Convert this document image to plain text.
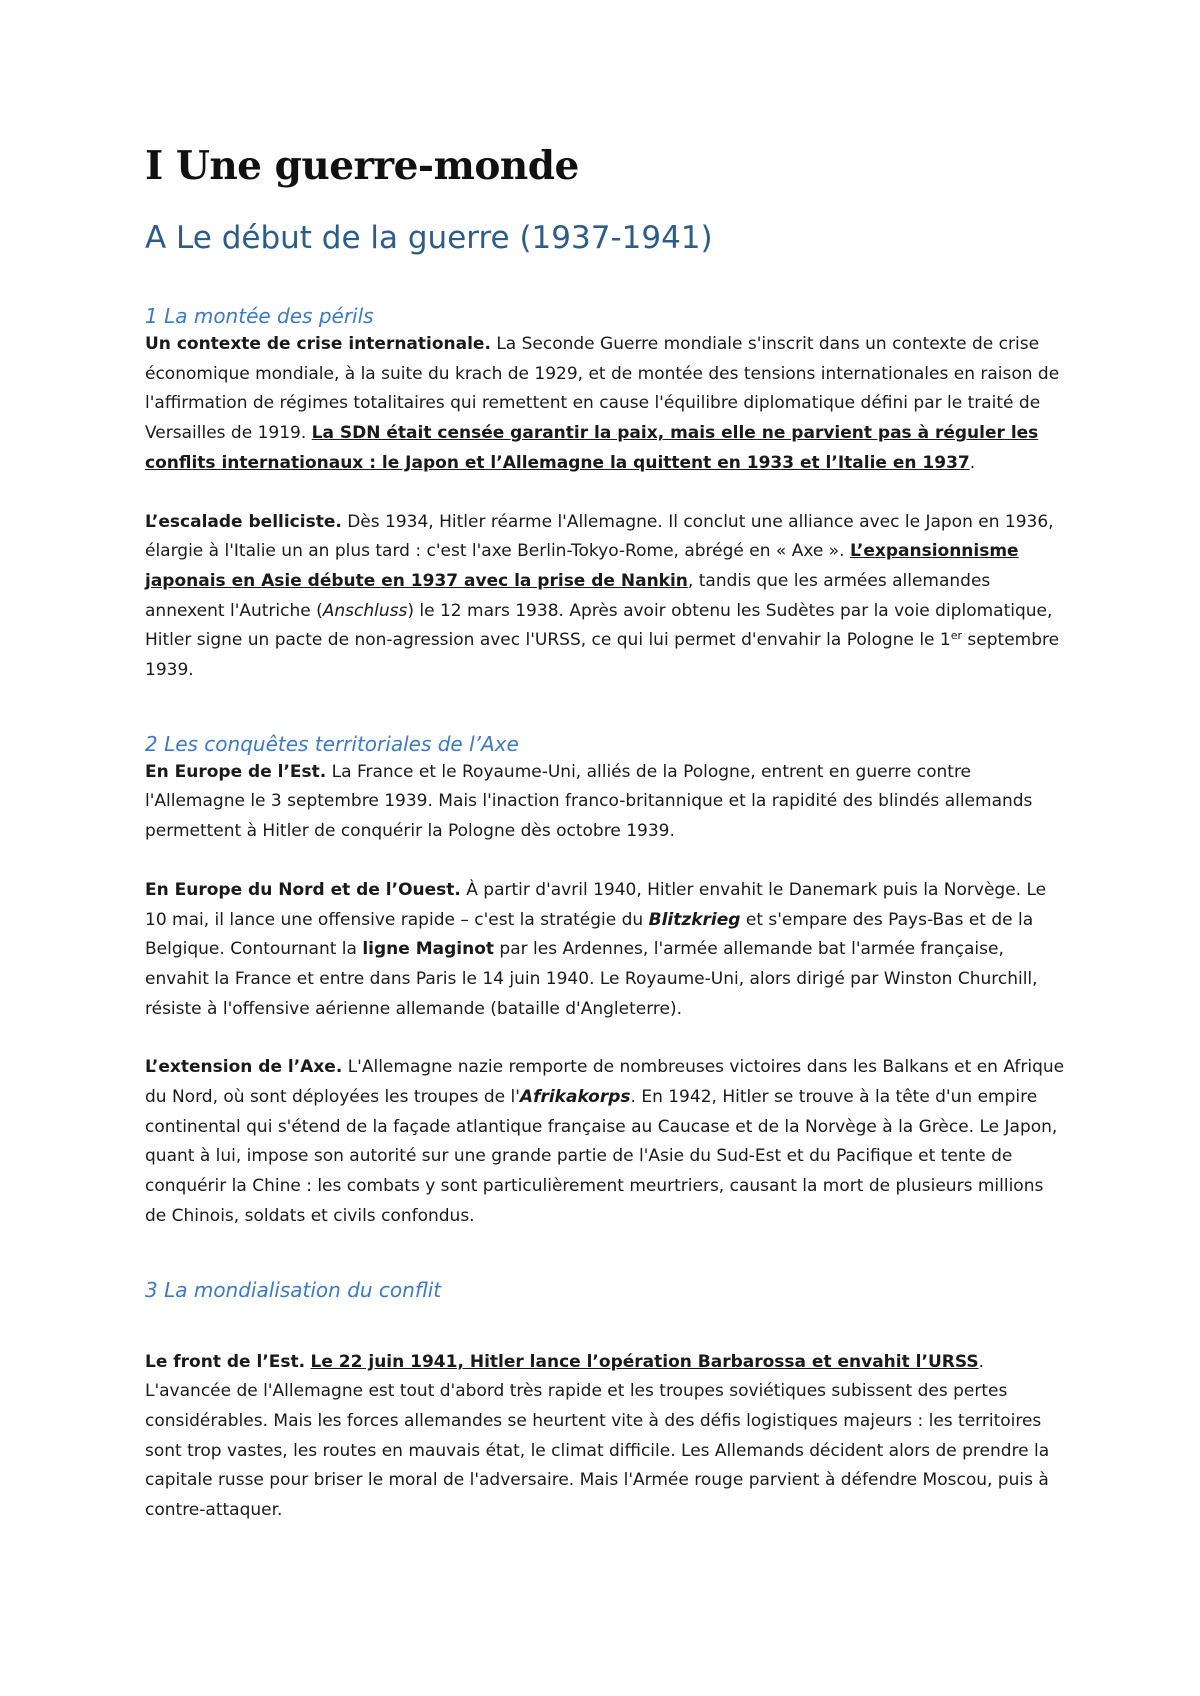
I Une guerre-monde
A Le début de la guerre (1937-1941)
1 La montée des périls

Un contexte de crise internationale. La Seconde Guerre mondiale s'inscrit dans un contexte de crise économique mondiale, à la suite du krach de 1929, et de montée des tensions internationales en raison de l'affirmation de régimes totalitaires qui remettent en cause l'équilibre diplomatique défini par le traité de Versailles de 1919. La SDN était censée garantir la paix, mais elle ne parvient pas à réguler les conflits internationaux : le Japon et l’Allemagne la quittent en 1933 et l’Italie en 1937.

L’escalade belliciste. Dès 1934, Hitler réarme l'Allemagne. Il conclut une alliance avec le Japon en 1936, élargie à l'Italie un an plus tard : c'est l'axe Berlin-Tokyo-Rome, abrégé en « Axe ». L’expansionnisme japonais en Asie débute en 1937 avec la prise de Nankin, tandis que les armées allemandes annexent l'Autriche (Anschluss) le 12 mars 1938. Après avoir obtenu les Sudètes par la voie diplomatique, Hitler signe un pacte de non-agression avec l'URSS, ce qui lui permet d'envahir la Pologne le 1er septembre 1939.

2 Les conquêtes territoriales de l’Axe

En Europe de l’Est. La France et le Royaume-Uni, alliés de la Pologne, entrent en guerre contre l'Allemagne le 3 septembre 1939. Mais l'inaction franco-britannique et la rapidité des blindés allemands permettent à Hitler de conquérir la Pologne dès octobre 1939.

En Europe du Nord et de l’Ouest. À partir d'avril 1940, Hitler envahit le Danemark puis la Norvège. Le 10 mai, il lance une offensive rapide – c'est la stratégie du Blitzkrieg et s'empare des Pays-Bas et de la Belgique. Contournant la ligne Maginot par les Ardennes, l'armée allemande bat l'armée française, envahit la France et entre dans Paris le 14 juin 1940. Le Royaume-Uni, alors dirigé par Winston Churchill, résiste à l'offensive aérienne allemande (bataille d'Angleterre).

L’extension de l’Axe. L'Allemagne nazie remporte de nombreuses victoires dans les Balkans et en Afrique du Nord, où sont déployées les troupes de l'Afrikakorps. En 1942, Hitler se trouve à la tête d'un empire continental qui s'étend de la façade atlantique française au Caucase et de la Norvège à la Grèce. Le Japon, quant à lui, impose son autorité sur une grande partie de l'Asie du Sud-Est et du Pacifique et tente de conquérir la Chine : les combats y sont particulièrement meurtriers, causant la mort de plusieurs millions de Chinois, soldats et civils confondus.

3 La mondialisation du conflit

Le front de l’Est. Le 22 juin 1941, Hitler lance l’opération Barbarossa et envahit l’URSS. L'avancée de l'Allemagne est tout d'abord très rapide et les troupes soviétiques subissent des pertes considérables. Mais les forces allemandes se heurtent vite à des défis logistiques majeurs : les territoires sont trop vastes, les routes en mauvais état, le climat difficile. Les Allemands décident alors de prendre la capitale russe pour briser le moral de l'adversaire. Mais l'Armée rouge parvient à défendre Moscou, puis à contre-attaquer.
